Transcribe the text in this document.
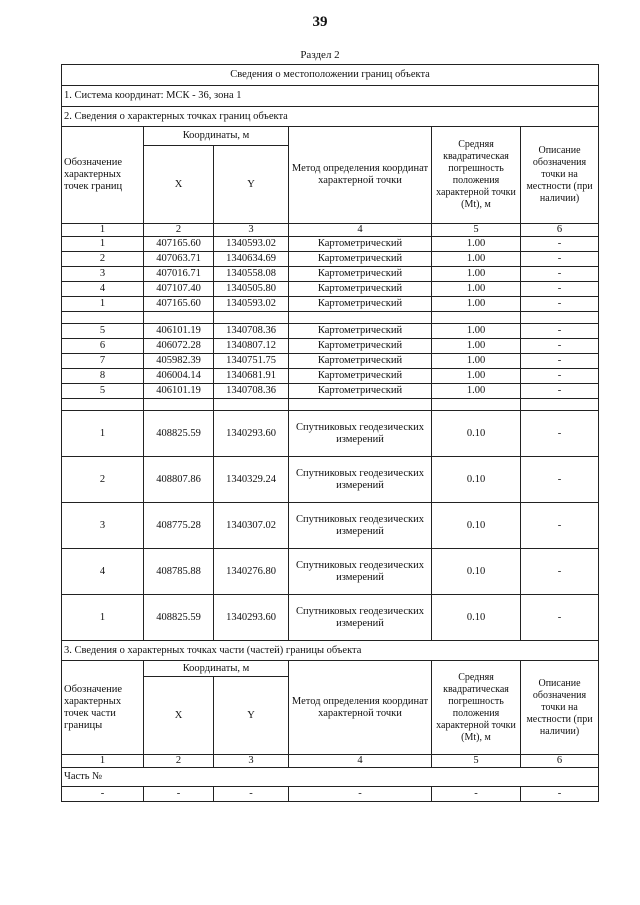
39
Раздел 2
Сведения о местоположении границ объекта					
1. Система координат: МСК - 36, зона 1					
2. Сведения о характерных точках границ объекта					
Обозначение характерных точек границ	Координаты, м		Метод определения координат характерной точки	Средняя квадратическая погрешность положения характерной точки (Mt), м	Описание обозначения точки на местности (при наличии)
	X	Y			
1	2	3	4	5	6
1	407165.60	1340593.02	Картометрический	1.00	-
2	407063.71	1340634.69	Картометрический	1.00	-
3	407016.71	1340558.08	Картометрический	1.00	-
4	407107.40	1340505.80	Картометрический	1.00	-
1	407165.60	1340593.02	Картометрический	1.00	-

5	406101.19	1340708.36	Картометрический	1.00	-
6	406072.28	1340807.12	Картометрический	1.00	-
7	405982.39	1340751.75	Картометрический	1.00	-
8	406004.14	1340681.91	Картометрический	1.00	-
5	406101.19	1340708.36	Картометрический	1.00	-

1	408825.59	1340293.60	Спутниковых геодезических измерений	0.10	-
2	408807.86	1340329.24	Спутниковых геодезических измерений	0.10	-
3	408775.28	1340307.02	Спутниковых геодезических измерений	0.10	-
4	408785.88	1340276.80	Спутниковых геодезических измерений	0.10	-
1	408825.59	1340293.60	Спутниковых геодезических измерений	0.10	-
3. Сведения о характерных точках части (частей) границы объекта					
Обозначение характерных точек части границы	Координаты, м		Метод определения координат характерной точки	Средняя квадратическая погрешность положения характерной точки (Mt), м	Описание обозначения точки на местности (при наличии)
	X	Y			
1	2	3	4	5	6
Часть №					
-	-	-	-	-	-
